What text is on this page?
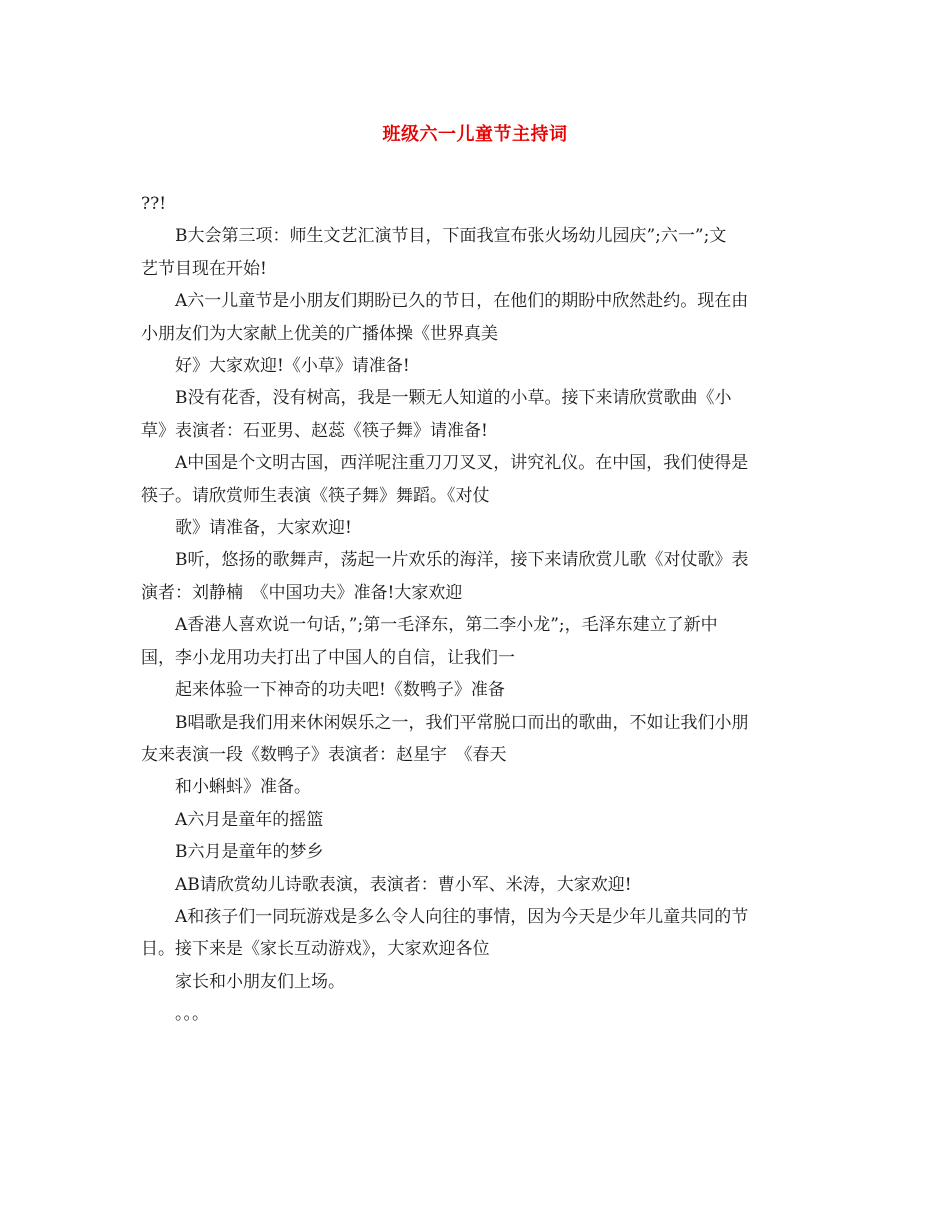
班级六一儿童节主持词

??!

B大会第三项：师生文艺汇演节目，下面我宣布张火场幼儿园庆”;六一”;文

艺节目现在开始!

A六一儿童节是小朋友们期盼已久的节日，在他们的期盼中欣然赴约。现在由

小朋友们为大家献上优美的广播体操《世界真美

好》大家欢迎!《小草》请准备!

B没有花香，没有树高，我是一颗无人知道的小草。接下来请欣赏歌曲《小

草》表演者：石亚男、赵蕊《筷子舞》请准备!

A中国是个文明古国，西洋呢注重刀刀叉叉，讲究礼仪。在中国，我们使得是

筷子。请欣赏师生表演《筷子舞》舞蹈。《对仗

歌》请准备，大家欢迎!

B听，悠扬的歌舞声，荡起一片欢乐的海洋，接下来请欣赏儿歌《对仗歌》表

演者：刘静楠　《中国功夫》准备!大家欢迎

A香港人喜欢说一句话，”;第一毛泽东，第二李小龙”;，毛泽东建立了新中

国，李小龙用功夫打出了中国人的自信，让我们一

起来体验一下神奇的功夫吧!《数鸭子》准备

B唱歌是我们用来休闲娱乐之一，我们平常脱口而出的歌曲，不如让我们小朋

友来表演一段《数鸭子》表演者：赵星宇　《春天

和小蝌蚪》准备。

A六月是童年的摇篮

B六月是童年的梦乡

AB请欣赏幼儿诗歌表演，表演者：曹小军、米涛，大家欢迎!

A和孩子们一同玩游戏是多么令人向往的事情，因为今天是少年儿童共同的节

日。接下来是《家长互动游戏》，大家欢迎各位

家长和小朋友们上场。

。。。
